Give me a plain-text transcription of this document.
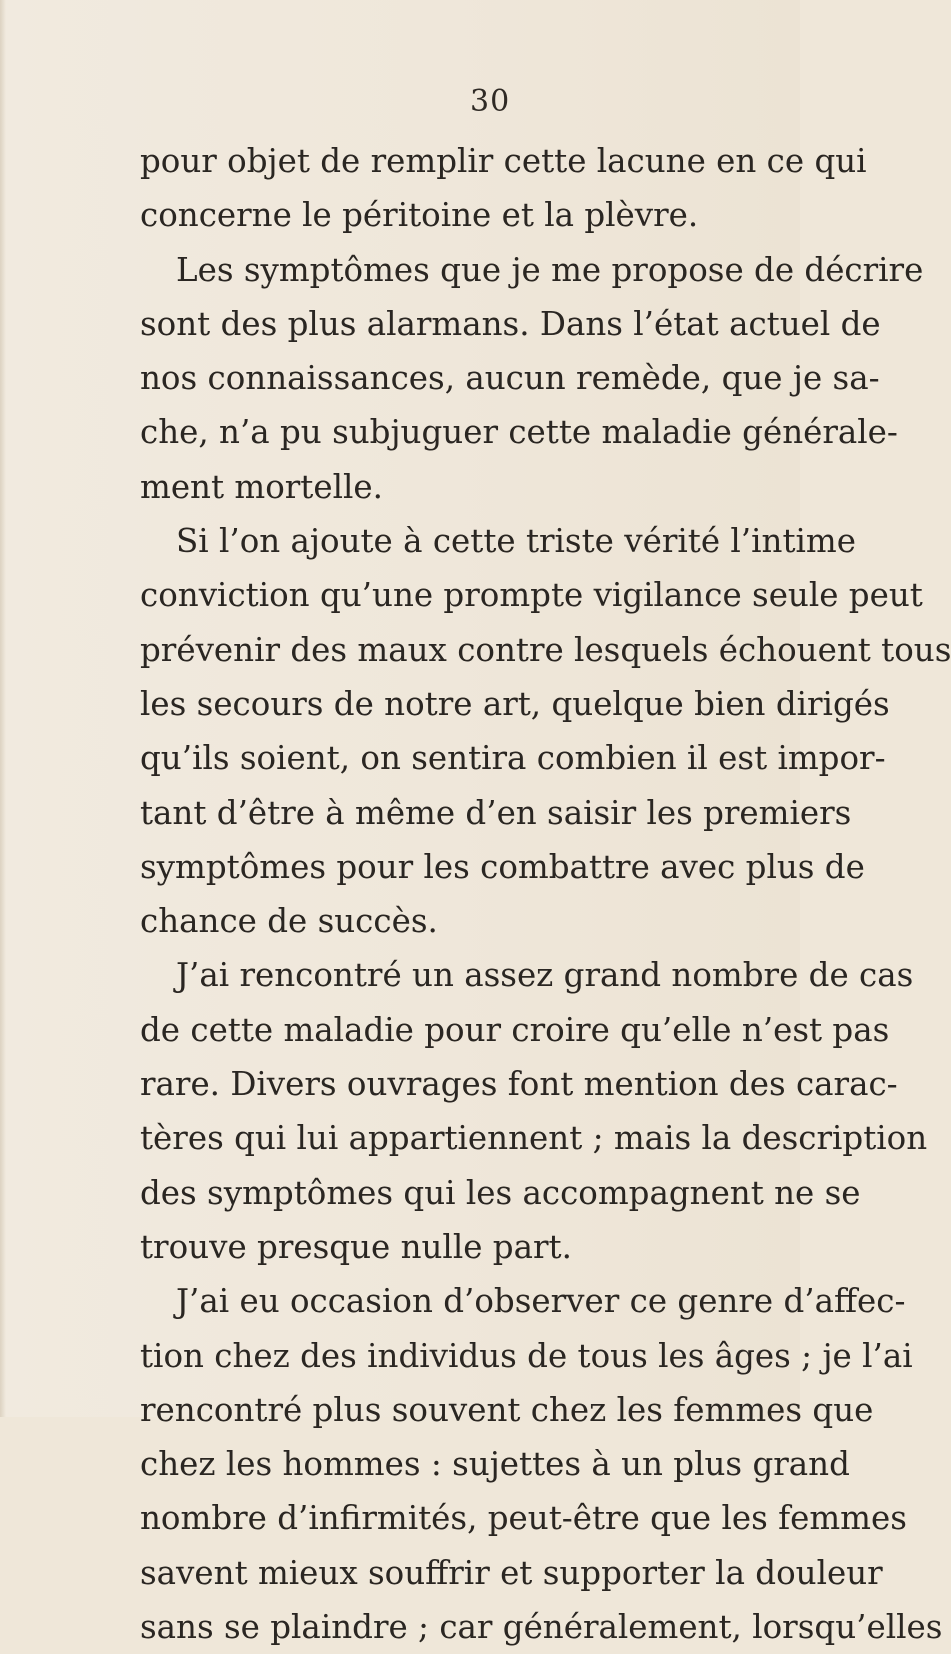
30
pour objet de remplir cette lacune en ce qui
concerne le péritoine et la plèvre.
Les symptômes que je me propose de décrire
sont des plus alarmans. Dans l’état actuel de
nos connaissances, aucun remède, que je sa-
che, n’a pu subjuguer cette maladie générale-
ment mortelle.
Si l’on ajoute à cette triste vérité l’intime
conviction qu’une prompte vigilance seule peut
prévenir des maux contre lesquels échouent tous
les secours de notre art, quelque bien dirigés
qu’ils soient, on sentira combien il est impor-
tant d’être à même d’en saisir les premiers
symptômes pour les combattre avec plus de
chance de succès.
J’ai rencontré un assez grand nombre de cas
de cette maladie pour croire qu’elle n’est pas
rare. Divers ouvrages font mention des carac-
tères qui lui appartiennent ; mais la description
des symptômes qui les accompagnent ne se
trouve presque nulle part.
J’ai eu occasion d’observer ce genre d’affec-
tion chez des individus de tous les âges ; je l’ai
rencontré plus souvent chez les femmes que
chez les hommes : sujettes à un plus grand
nombre d’infirmités, peut-être que les femmes
savent mieux souffrir et supporter la douleur
sans se plaindre ; car généralement, lorsqu’elles
